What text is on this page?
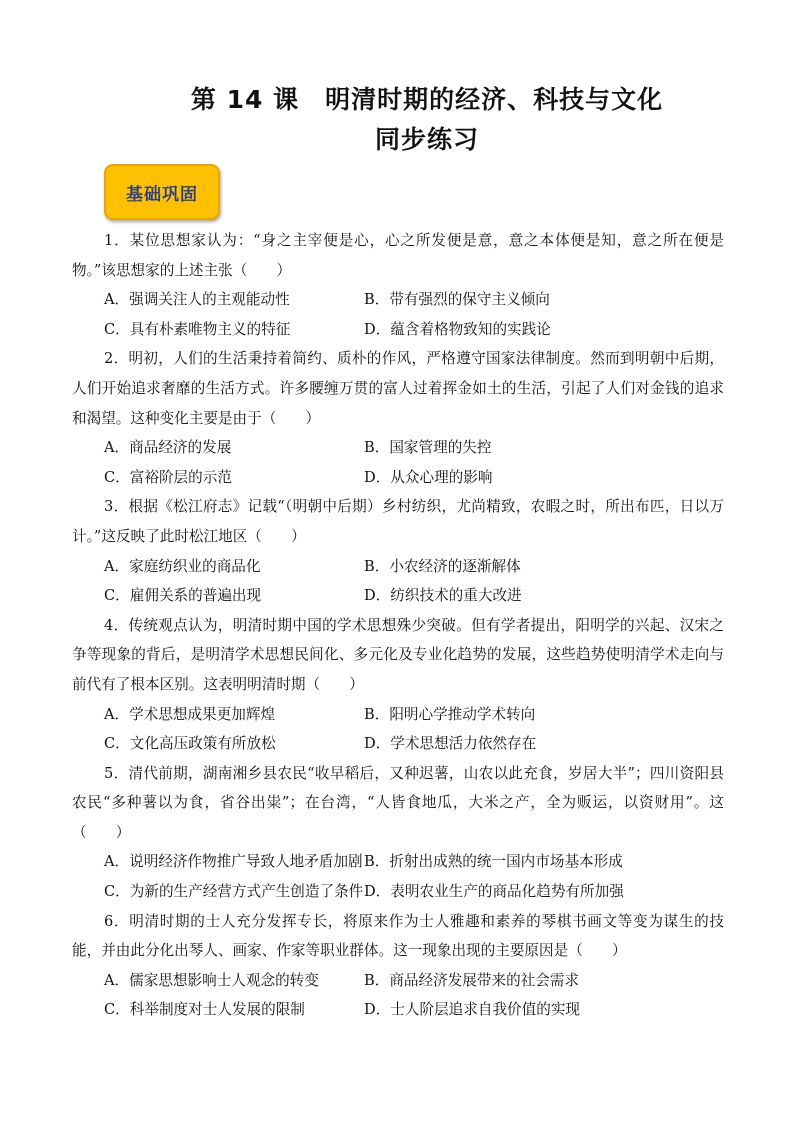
第 14 课　明清时期的经济、科技与文化
同步练习
基础巩固

1．某位思想家认为：“身之主宰便是心，心之所发便是意，意之本体便是知，意之所在便是物。”该思想家的上述主张（　　）

A．强调关注人的主观能动性	B．带有强烈的保守主义倾向
C．具有朴素唯物主义的特征	D．蕴含着格物致知的实践论

2．明初，人们的生活秉持着简约、质朴的作风，严格遵守国家法律制度。然而到明朝中后期，人们开始追求奢靡的生活方式。许多腰缠万贯的富人过着挥金如土的生活，引起了人们对金钱的追求和渴望。这种变化主要是由于（　　）

A．商品经济的发展	B．国家管理的失控
C．富裕阶层的示范	D．从众心理的影响

3．根据《松江府志》记载“（明朝中后期）乡村纺织，尤尚精致，农暇之时，所出布匹，日以万计。”这反映了此时松江地区（　　）

A．家庭纺织业的商品化	B．小农经济的逐渐解体
C．雇佣关系的普遍出现	D．纺织技术的重大改进

4．传统观点认为，明清时期中国的学术思想殊少突破。但有学者提出，阳明学的兴起、汉宋之争等现象的背后，是明清学术思想民间化、多元化及专业化趋势的发展，这些趋势使明清学术走向与前代有了根本区别。这表明明清时期（　　）

A．学术思想成果更加辉煌	B．阳明心学推动学术转向
C．文化高压政策有所放松	D．学术思想活力依然存在

5．清代前期，湖南湘乡县农民“收早稻后，又种迟薯，山农以此充食，岁居大半”；四川资阳县农民“多种薯以为食，省谷出粜”；在台湾，“人皆食地瓜，大米之产，全为贩运，以资财用”。这（　　）

A．说明经济作物推广导致人地矛盾加剧 B．折射出成熟的统一国内市场基本形成
C．为新的生产经营方式产生创造了条件 D．表明农业生产的商品化趋势有所加强

6．明清时期的士人充分发挥专长，将原来作为士人雅趣和素养的琴棋书画文等变为谋生的技能，并由此分化出琴人、画家、作家等职业群体。这一现象出现的主要原因是（　　）

A．儒家思想影响士人观念的转变	B．商品经济发展带来的社会需求
C．科举制度对士人发展的限制	D．士人阶层追求自我价值的实现
